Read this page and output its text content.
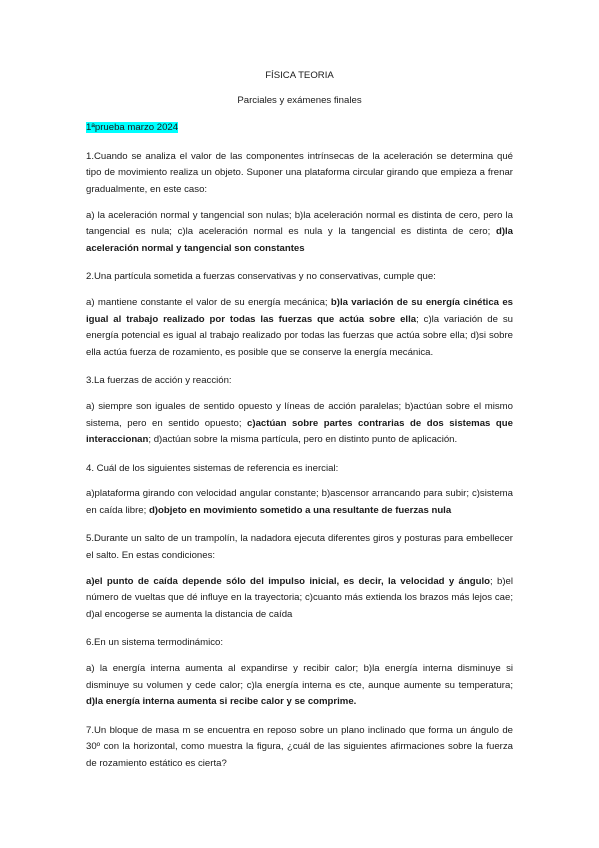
FÍSICA TEORIA

Parciales y exámenes finales

1ªprueba marzo 2024
1.Cuando se analiza el valor de las componentes intrínsecas de la aceleración se determina qué tipo de movimiento realiza un objeto. Suponer una plataforma circular girando que empieza a frenar gradualmente, en este caso:
a) la aceleración normal y tangencial son nulas; b)la aceleración normal es distinta de cero, pero la tangencial es nula; c)la aceleración normal es nula y la tangencial es distinta de cero; d)la aceleración normal y tangencial son constantes
2.Una partícula sometida a fuerzas conservativas y no conservativas, cumple que:
a) mantiene constante el valor de su energía mecánica; b)la variación de su energía cinética es igual al trabajo realizado por todas las fuerzas que actúa sobre ella; c)la variación de su energía potencial es igual al trabajo realizado por todas las fuerzas que actúa sobre ella; d)si sobre ella actúa fuerza de rozamiento, es posible que se conserve la energía mecánica.
3.La fuerzas de acción y reacción:
a) siempre son iguales de sentido opuesto y líneas de acción paralelas; b)actúan sobre el mismo sistema, pero en sentido opuesto; c)actúan sobre partes contrarias de dos sistemas que interaccionan; d)actúan sobre la misma partícula, pero en distinto punto de aplicación.
4. Cuál de los siguientes sistemas de referencia es inercial:
a)plataforma girando con velocidad angular constante; b)ascensor arrancando para subir; c)sistema en caída libre; d)objeto en movimiento sometido a una resultante de fuerzas nula
5.Durante un salto de un trampolín, la nadadora ejecuta diferentes giros y posturas para embellecer el salto. En estas condiciones:
a)el punto de caída depende sólo del impulso inicial, es decir, la velocidad y ángulo; b)el número de vueltas que dé influye en la trayectoria; c)cuanto más extienda los brazos más lejos cae; d)al encogerse se aumenta la distancia de caída
6.En un sistema termodinámico:
a) la energía interna aumenta al expandirse y recibir calor; b)la energía interna disminuye si disminuye su volumen y cede calor; c)la energía interna es cte, aunque aumente su temperatura; d)la energía interna aumenta si recibe calor y se comprime.
7.Un bloque de masa m se encuentra en reposo sobre un plano inclinado que forma un ángulo de 30º con la horizontal, como muestra la figura, ¿cuál de las siguientes afirmaciones sobre la fuerza de rozamiento estático es cierta?
